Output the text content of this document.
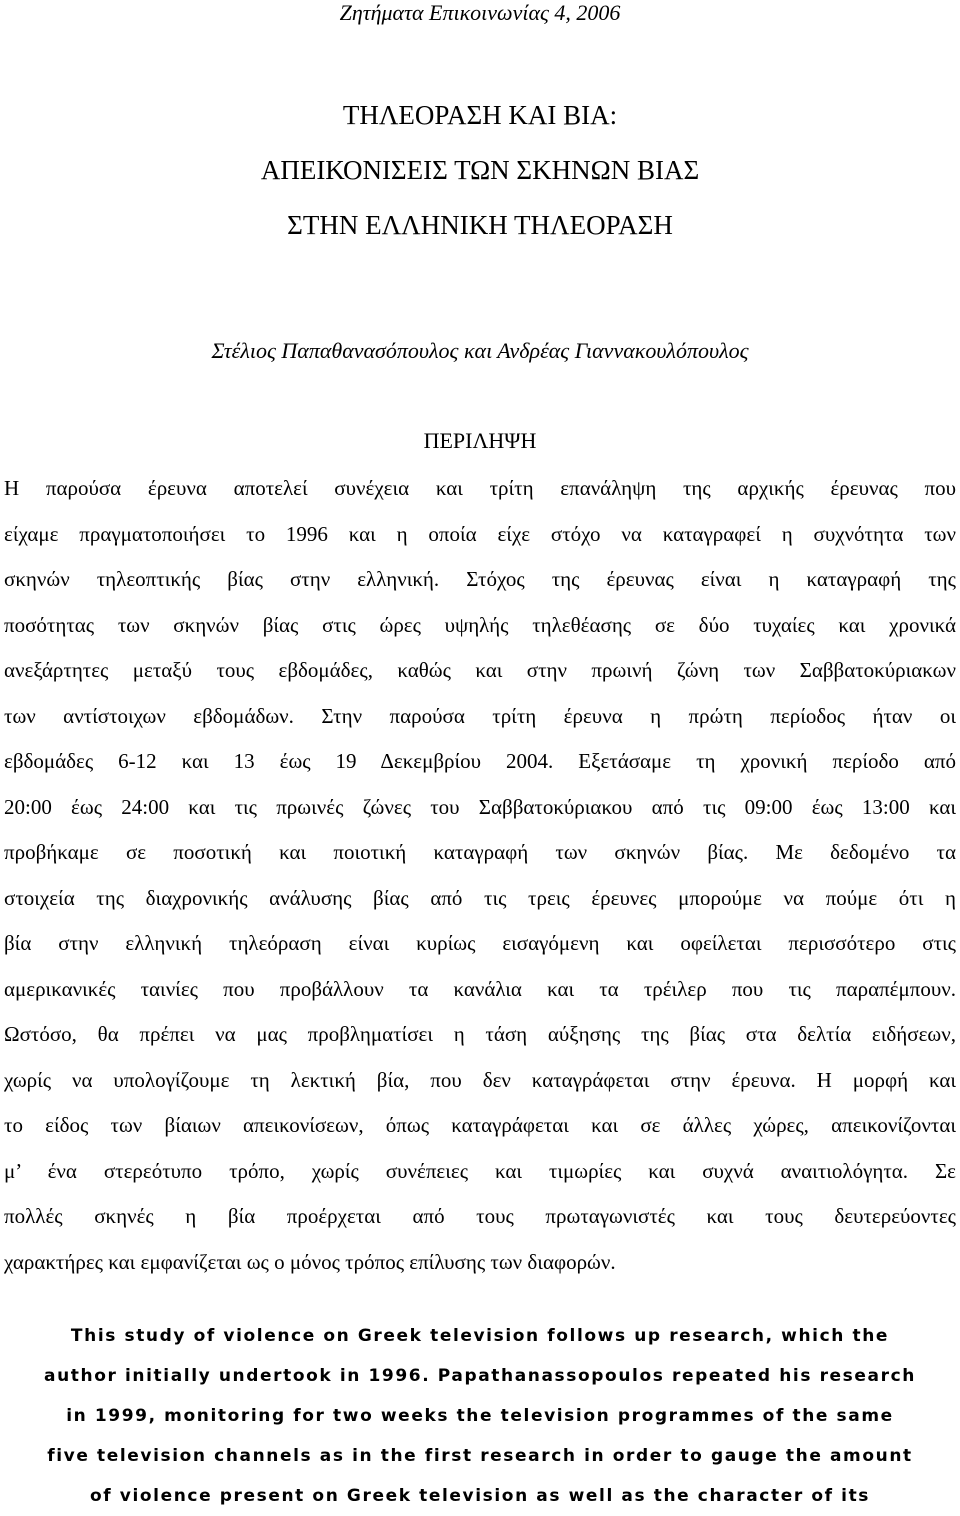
Ζητήματα Επικοινωνίας 4, 2006
ΤΗΛΕΟΡΑΣΗ ΚΑΙ ΒΙΑ:
ΑΠΕΙΚΟΝΙΣΕΙΣ ΤΩΝ ΣΚΗΝΩΝ ΒΙΑΣ
ΣΤΗΝ ΕΛΛΗΝΙΚΗ ΤΗΛΕΟΡΑΣΗ
Στέλιος Παπαθανασόπουλος και Ανδρέας Γιαννακουλόπουλος
ΠΕΡΙΛΗΨΗ
Η παρούσα έρευνα αποτελεί συνέχεια και τρίτη επανάληψη της αρχικής έρευνας που
είχαμε πραγματοποιήσει το 1996 και η οποία είχε στόχο να καταγραφεί η συχνότητα των
σκηνών τηλεοπτικής βίας στην ελληνική. Στόχος της έρευνας είναι η καταγραφή της
ποσότητας των σκηνών βίας στις ώρες υψηλής τηλεθέασης σε δύο τυχαίες και χρονικά
ανεξάρτητες μεταξύ τους εβδομάδες, καθώς και στην πρωινή ζώνη των Σαββατοκύριακων
των αντίστοιχων εβδομάδων. Στην παρούσα τρίτη έρευνα η πρώτη περίοδος ήταν οι
εβδομάδες 6-12 και 13 έως 19 Δεκεμβρίου 2004. Εξετάσαμε τη χρονική περίοδο από
20:00 έως 24:00 και τις πρωινές ζώνες του Σαββατοκύριακου από τις 09:00 έως 13:00 και
προβήκαμε σε ποσοτική και ποιοτική καταγραφή των σκηνών βίας. Με δεδομένο τα
στοιχεία της διαχρονικής ανάλυσης βίας από τις τρεις έρευνες μπορούμε να πούμε ότι η
βία στην ελληνική τηλεόραση είναι κυρίως εισαγόμενη και οφείλεται περισσότερο στις
αμερικανικές ταινίες που προβάλλουν τα κανάλια και τα τρέιλερ που τις παραπέμπουν.
Ωστόσο, θα πρέπει να μας προβληματίσει η τάση αύξησης της βίας στα δελτία ειδήσεων,
χωρίς να υπολογίζουμε τη λεκτική βία, που δεν καταγράφεται στην έρευνα. Η μορφή και
το είδος των βίαιων απεικονίσεων, όπως καταγράφεται και σε άλλες χώρες, απεικονίζονται
μ’ ένα στερεότυπο τρόπο, χωρίς συνέπειες και τιμωρίες και συχνά αναιτιολόγητα. Σε
πολλές σκηνές η βία προέρχεται από τους πρωταγωνιστές και τους δευτερεύοντες
χαρακτήρες και εμφανίζεται ως ο μόνος τρόπος επίλυσης των διαφορών.
This study of violence on Greek television follows up research, which the
author initially undertook in 1996. Papathanassopoulos repeated his research
in 1999, monitoring for two weeks the television programmes of the same
five television channels as in the first research in order to gauge the amount
of violence present on Greek television as well as the character of its
